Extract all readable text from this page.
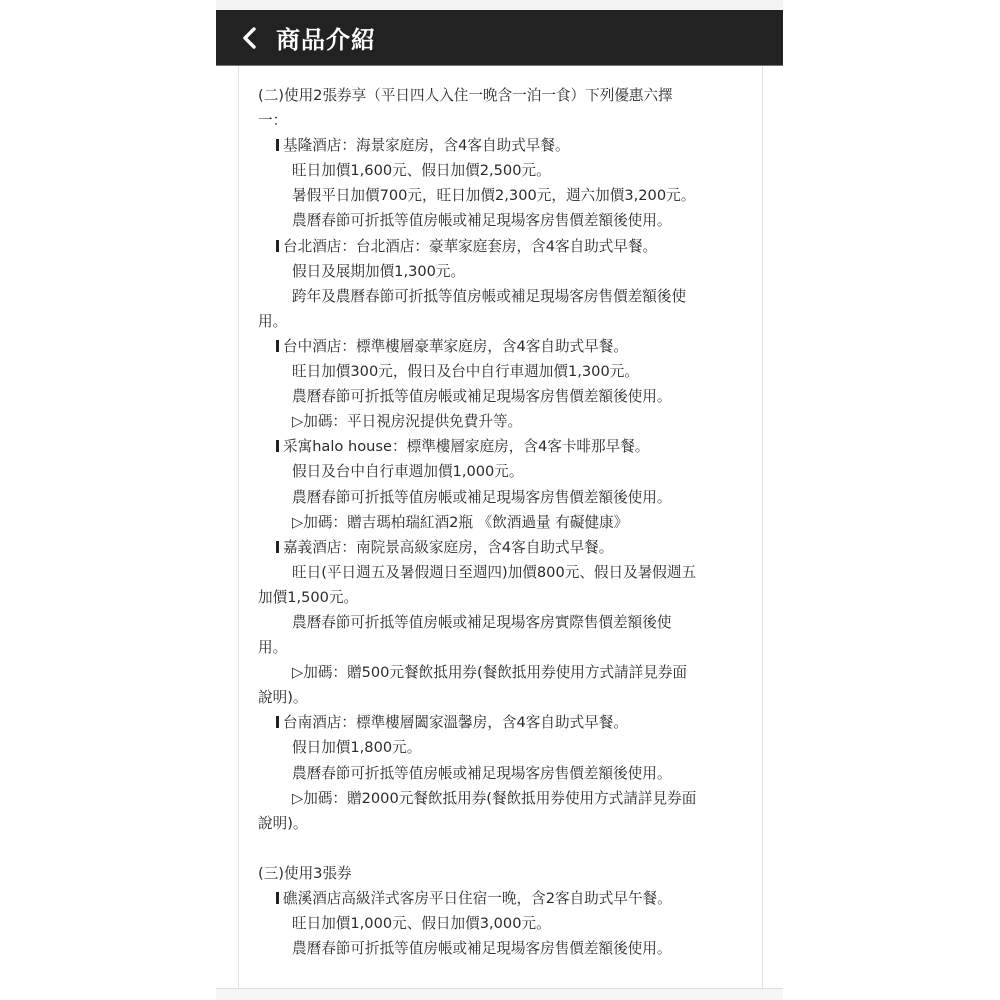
商品介紹
(二)使用2張券享（平日四人入住一晚含一泊一食）下列優惠六擇
一：
基隆酒店：海景家庭房，含4客自助式早餐。
旺日加價1,600元、假日加價2,500元。
暑假平日加價700元，旺日加價2,300元，週六加價3,200元。
農曆春節可折抵等值房帳或補足現場客房售價差額後使用。
台北酒店：台北酒店：豪華家庭套房，含4客自助式早餐。
假日及展期加價1,300元。
跨年及農曆春節可折抵等值房帳或補足現場客房售價差額後使
用。
台中酒店：標準樓層豪華家庭房，含4客自助式早餐。
旺日加價300元，假日及台中自行車週加價1,300元。
農曆春節可折抵等值房帳或補足現場客房售價差額後使用。
▷加碼：平日視房況提供免費升等。
采寓halo house：標準樓層家庭房，含4客卡啡那早餐。
假日及台中自行車週加價1,000元。
農曆春節可折抵等值房帳或補足現場客房售價差額後使用。
▷加碼：贈吉瑪柏瑞紅酒2瓶 《飲酒過量 有礙健康》
嘉義酒店：南院景高級家庭房，含4客自助式早餐。
旺日(平日週五及暑假週日至週四)加價800元、假日及暑假週五
加價1,500元。
農曆春節可折抵等值房帳或補足現場客房實際售價差額後使
用。
▷加碼：贈500元餐飲抵用券(餐飲抵用券使用方式請詳見券面
說明)。
台南酒店：標準樓層闔家溫馨房，含4客自助式早餐。
假日加價1,800元。
農曆春節可折抵等值房帳或補足現場客房售價差額後使用。
▷加碼：贈2000元餐飲抵用券(餐飲抵用券使用方式請詳見券面
說明)。
(三)使用3張券
礁溪酒店高級洋式客房平日住宿一晚，含2客自助式早午餐。
旺日加價1,000元、假日加價3,000元。
農曆春節可折抵等值房帳或補足現場客房售價差額後使用。
